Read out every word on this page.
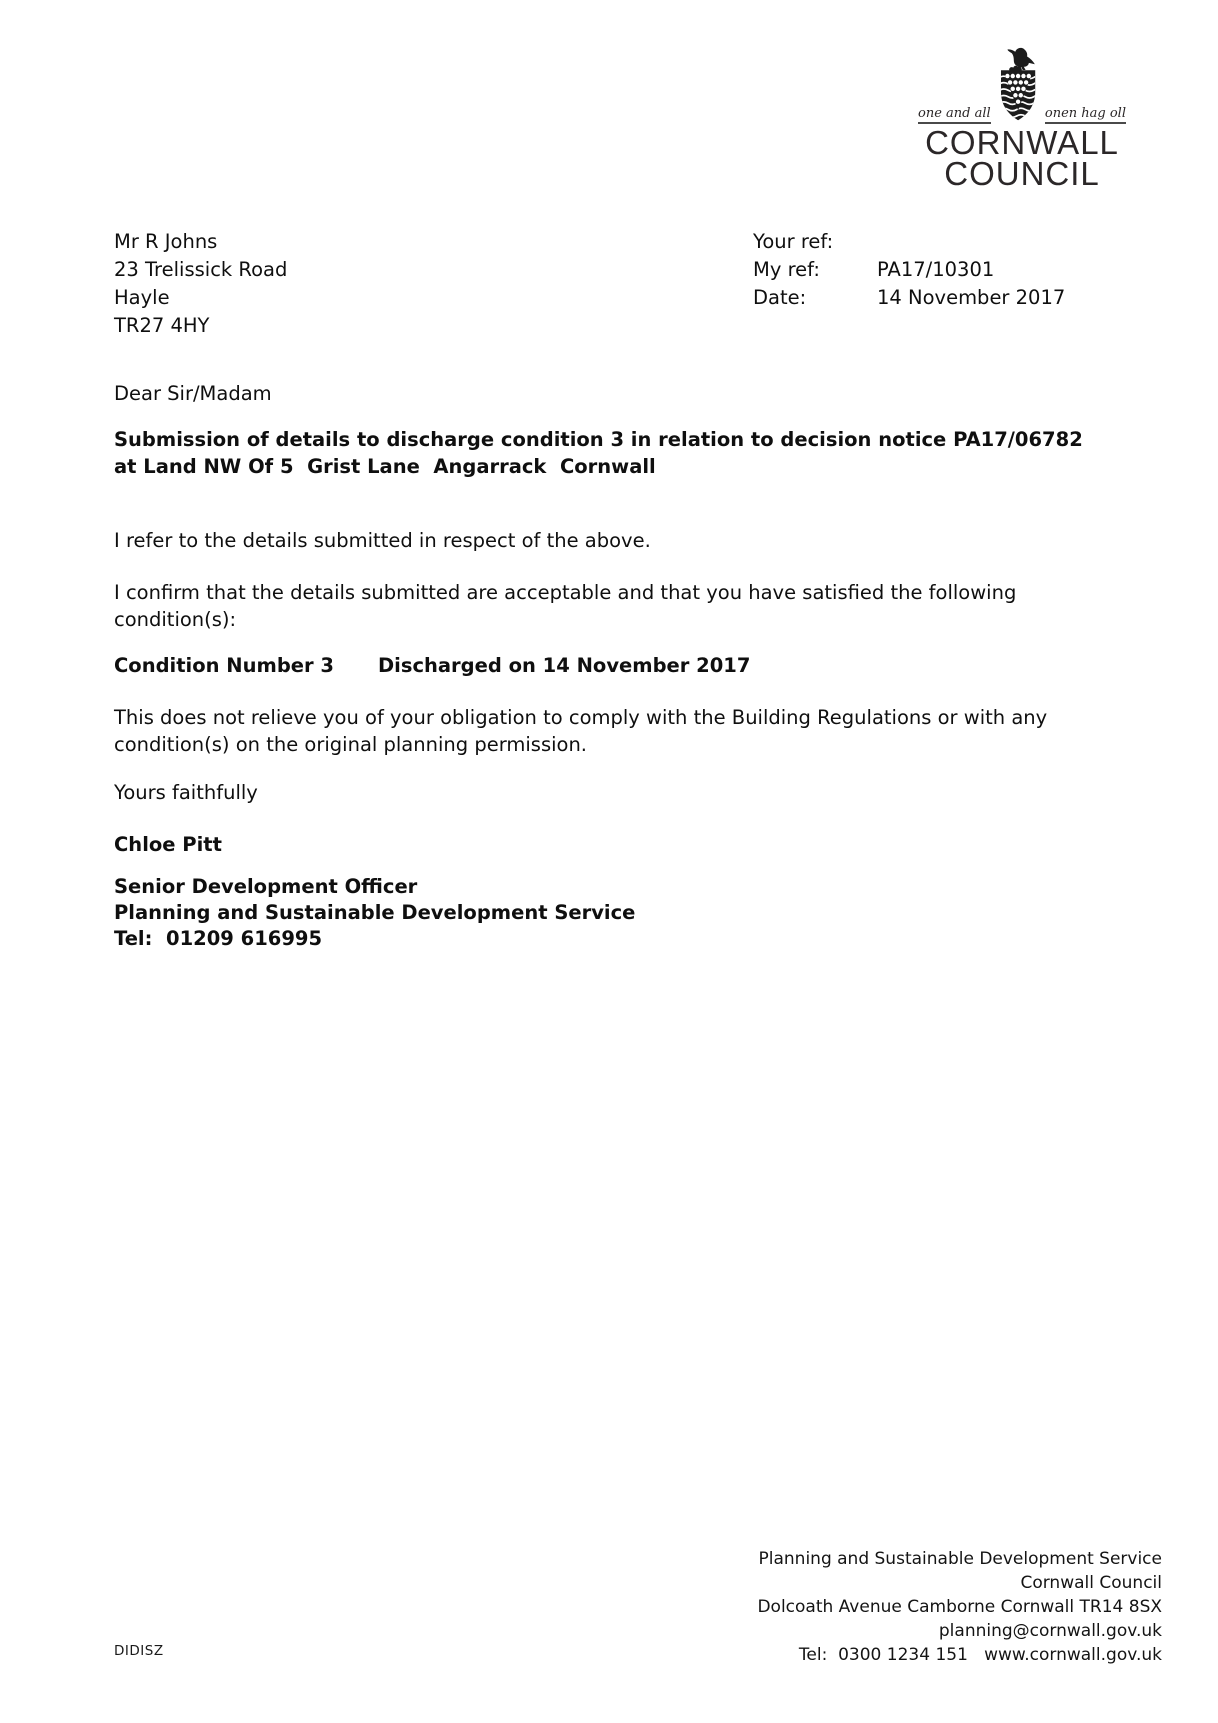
one and all	onen hag oll
CORNWALL
COUNCIL
Mr R Johns
23 Trelissick Road
Hayle
TR27 4HY
Your ref:
My ref:	PA17/10301
Date:	14 November 2017
Dear Sir/Madam
Submission of details to discharge condition 3 in relation to decision notice PA17/06782
at Land NW Of 5  Grist Lane  Angarrack  Cornwall
I refer to the details submitted in respect of the above.
I confirm that the details submitted are acceptable and that you have satisfied the following condition(s):
Condition Number 3 Discharged on 14 November 2017
This does not relieve you of your obligation to comply with the Building Regulations or with any condition(s) on the original planning permission.
Yours faithfully
Chloe Pitt
Senior Development Officer
Planning and Sustainable Development Service
Tel:  01209 616995
Planning and Sustainable Development Service
Cornwall Council
Dolcoath Avenue Camborne Cornwall TR14 8SX
planning@cornwall.gov.uk
Tel:  0300 1234 151   www.cornwall.gov.uk
DIDISZ
